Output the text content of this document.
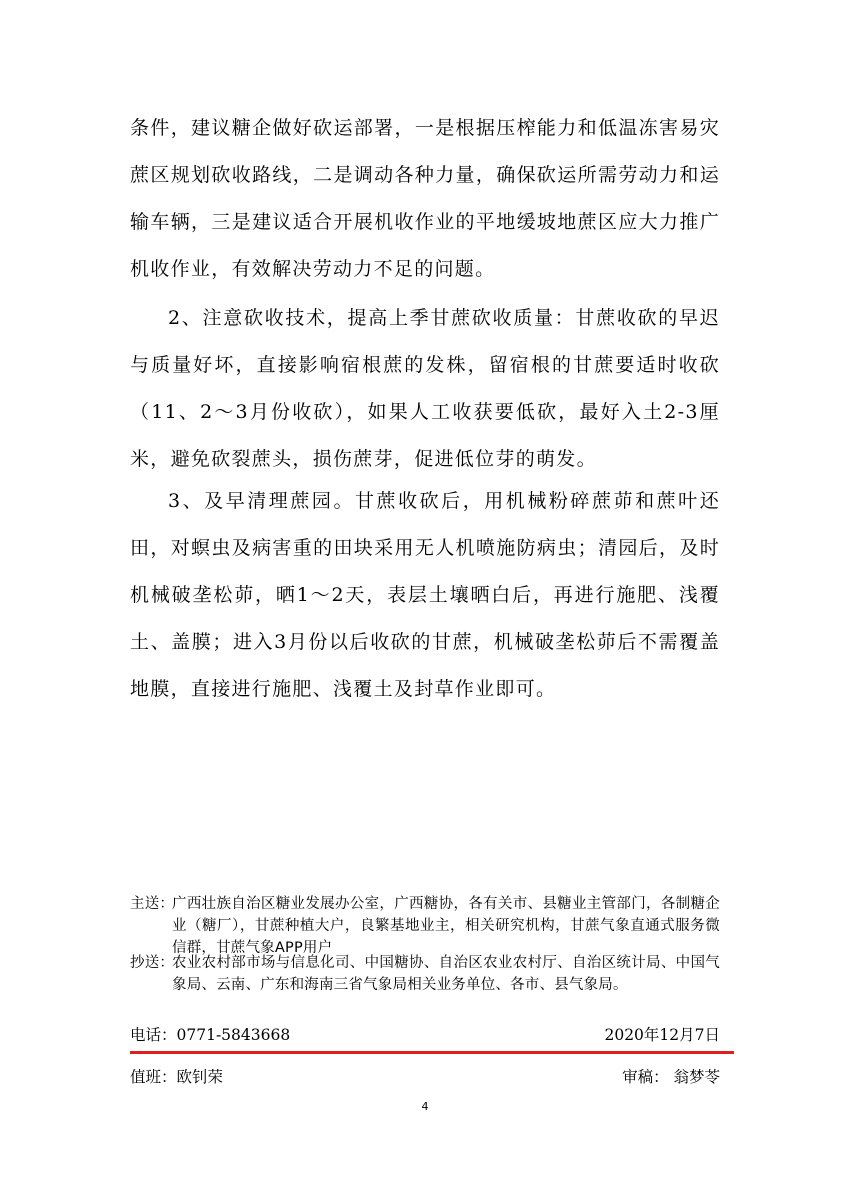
条件，建议糖企做好砍运部署，一是根据压榨能力和低温冻害易灾蔗区规划砍收路线，二是调动各种力量，确保砍运所需劳动力和运输车辆，三是建议适合开展机收作业的平地缓坡地蔗区应大力推广机收作业，有效解决劳动力不足的问题。

2、注意砍收技术，提高上季甘蔗砍收质量：甘蔗收砍的早迟与质量好坏，直接影响宿根蔗的发株，留宿根的甘蔗要适时收砍（11、2～3月份收砍），如果人工收获要低砍，最好入土2-3厘米，避免砍裂蔗头，损伤蔗芽，促进低位芽的萌发。

3、及早清理蔗园。甘蔗收砍后，用机械粉碎蔗茆和蔗叶还田，对螟虫及病害重的田块采用无人机喷施防病虫；清园后，及时机械破垄松茆，晒1～2天，表层土壤晒白后，再进行施肥、浅覆土、盖膜；进入3月份以后收砍的甘蔗，机械破垄松茆后不需覆盖地膜，直接进行施肥、浅覆土及封草作业即可。

主送：
广西壮族自治区糖业发展办公室，广西糖协，各有关市、县糖业主管部门，各制糖企业（糖厂），甘蔗种植大户，良繁基地业主，相关研究机构，甘蔗气象直通式服务微信群，甘蔗气象APP用户
抄送：
农业农村部市场与信息化司、中国糖协、自治区农业农村厅、自治区统计局、中国气象局、云南、广东和海南三省气象局相关业务单位、各市、县气象局。
电话：0771-5843668	2020年12月7日
值班：欧钊荣	审稿： 翁梦苓
4
